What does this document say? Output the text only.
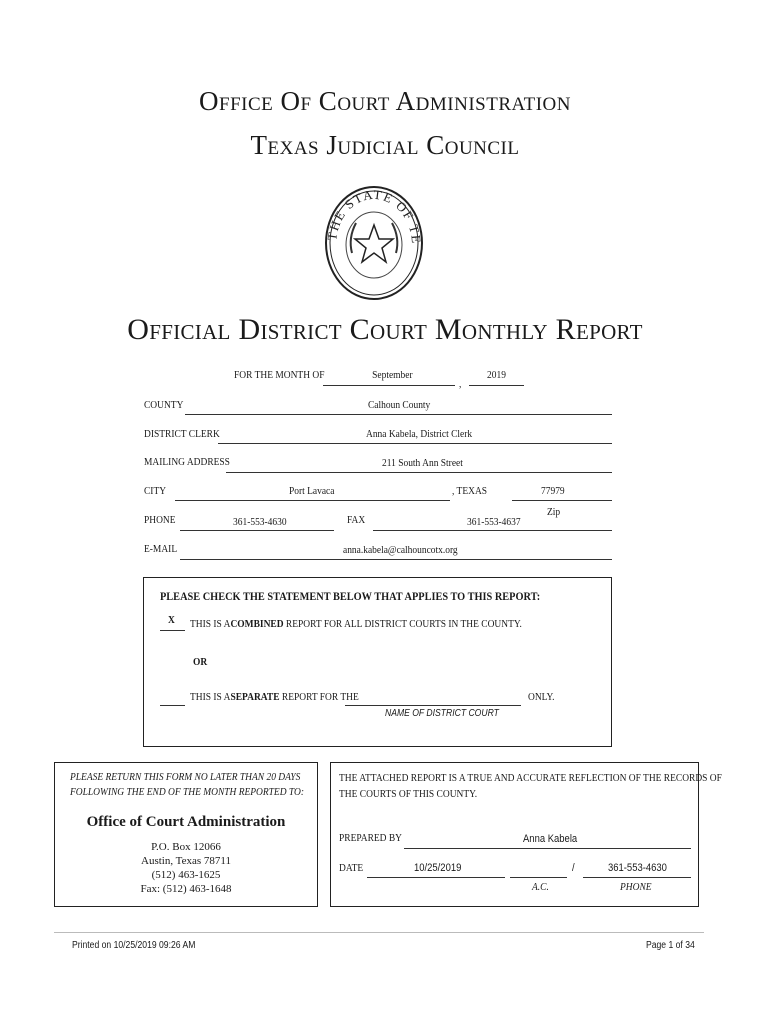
Office Of Court Administration
Texas Judicial Council
THE STATE OF TE
Official District Court Monthly Report
FOR THE MONTH OF	September
,
2019
COUNTY	Calhoun County
DISTRICT CLERK	Anna Kabela, District Clerk
MAILING ADDRESS	211 South Ann Street
CITY	Port Lavaca	, TEXAS	77979
Zip
PHONE	361-553-4630	FAX	361-553-4637
E-MAIL	anna.kabela@calhouncotx.org
PLEASE CHECK THE STATEMENT BELOW THAT APPLIES TO THIS REPORT:
X THIS IS ACOMBINED REPORT FOR ALL DISTRICT COURTS IN THE COUNTY.
OR
THIS IS ASEPARATE REPORT FOR THE	ONLY.
NAME OF DISTRICT COURT
PLEASE RETURN THIS FORM NO LATER THAN 20 DAYS
FOLLOWING THE END OF THE MONTH REPORTED TO:
Office of Court Administration
P.O. Box 12066
Austin, Texas 78711
(512) 463-1625
Fax: (512) 463-1648
THE ATTACHED REPORT IS A TRUE AND ACCURATE REFLECTION OF THE RECORDS OF
THE COURTS OF THIS COUNTY.
PREPARED BY	Anna Kabela
DATE	10/25/2019	/	361-553-4630
A.C.	PHONE
Printed on 10/25/2019 09:26 AM	Page 1 of 34
